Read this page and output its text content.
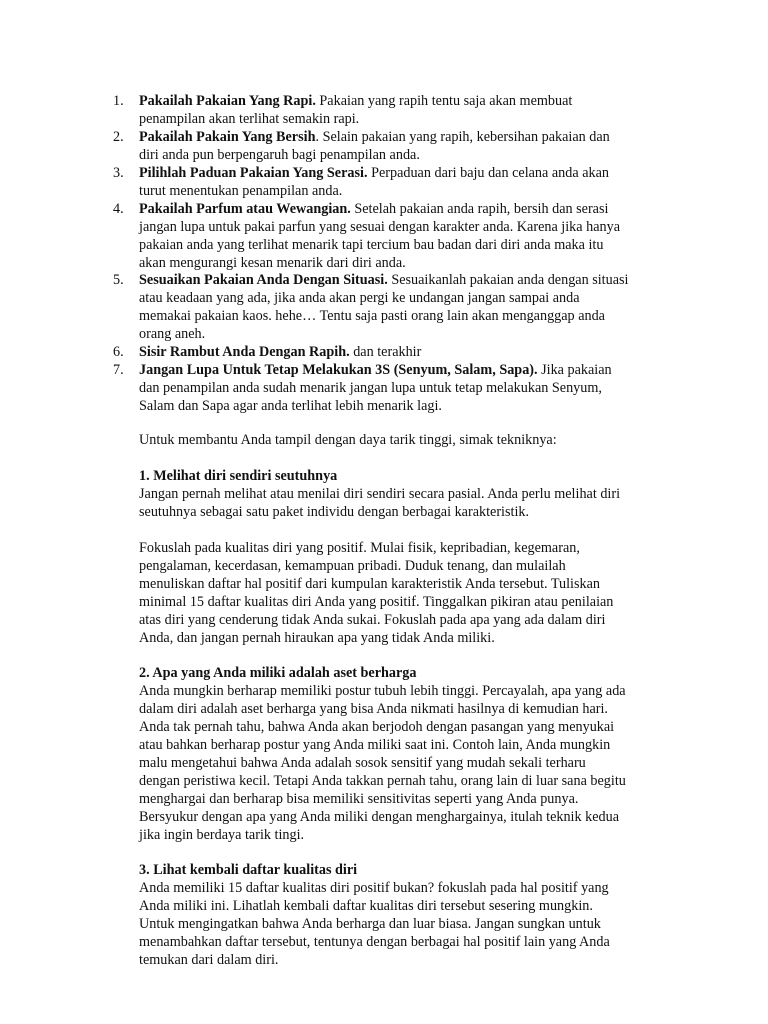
1. Pakailah Pakaian Yang Rapi. Pakaian yang rapih tentu saja akan membuat
penampilan akan terlihat semakin rapi.
2. Pakailah Pakain Yang Bersih. Selain pakaian yang rapih, kebersihan pakaian dan
diri anda pun berpengaruh bagi penampilan anda.
3. Pilihlah Paduan Pakaian Yang Serasi. Perpaduan dari baju dan celana anda akan
turut menentukan penampilan anda.
4. Pakailah Parfum atau Wewangian. Setelah pakaian anda rapih, bersih dan serasi
jangan lupa untuk pakai parfun yang sesuai dengan karakter anda. Karena jika hanya
pakaian anda yang terlihat menarik tapi tercium bau badan dari diri anda maka itu
akan mengurangi kesan menarik dari diri anda.
5. Sesuaikan Pakaian Anda Dengan Situasi. Sesuaikanlah pakaian anda dengan situasi
atau keadaan yang ada, jika anda akan pergi ke undangan jangan sampai anda
memakai pakaian kaos. hehe… Tentu saja pasti orang lain akan menganggap anda
orang aneh.
6. Sisir Rambut Anda Dengan Rapih. dan terakhir
7. Jangan Lupa Untuk Tetap Melakukan 3S (Senyum, Salam, Sapa). Jika pakaian
dan penampilan anda sudah menarik jangan lupa untuk tetap melakukan Senyum,
Salam dan Sapa agar anda terlihat lebih menarik lagi.
Untuk membantu Anda tampil dengan daya tarik tinggi, simak tekniknya:
1. Melihat diri sendiri seutuhnya
Jangan pernah melihat atau menilai diri sendiri secara pasial. Anda perlu melihat diri
seutuhnya sebagai satu paket individu dengan berbagai karakteristik.
Fokuslah pada kualitas diri yang positif. Mulai fisik, kepribadian, kegemaran,
pengalaman, kecerdasan, kemampuan pribadi. Duduk tenang, dan mulailah
menuliskan daftar hal positif dari kumpulan karakteristik Anda tersebut. Tuliskan
minimal 15 daftar kualitas diri Anda yang positif. Tinggalkan pikiran atau penilaian
atas diri yang cenderung tidak Anda sukai. Fokuslah pada apa yang ada dalam diri
Anda, dan jangan pernah hiraukan apa yang tidak Anda miliki.
2. Apa yang Anda miliki adalah aset berharga
Anda mungkin berharap memiliki postur tubuh lebih tinggi. Percayalah, apa yang ada
dalam diri adalah aset berharga yang bisa Anda nikmati hasilnya di kemudian hari.
Anda tak pernah tahu, bahwa Anda akan berjodoh dengan pasangan yang menyukai
atau bahkan berharap postur yang Anda miliki saat ini. Contoh lain, Anda mungkin
malu mengetahui bahwa Anda adalah sosok sensitif yang mudah sekali terharu
dengan peristiwa kecil. Tetapi Anda takkan pernah tahu, orang lain di luar sana begitu
menghargai dan berharap bisa memiliki sensitivitas seperti yang Anda punya.
Bersyukur dengan apa yang Anda miliki dengan menghargainya, itulah teknik kedua
jika ingin berdaya tarik tingi.
3. Lihat kembali daftar kualitas diri
Anda memiliki 15 daftar kualitas diri positif bukan? fokuslah pada hal positif yang
Anda miliki ini. Lihatlah kembali daftar kualitas diri tersebut sesering mungkin.
Untuk mengingatkan bahwa Anda berharga dan luar biasa. Jangan sungkan untuk
menambahkan daftar tersebut, tentunya dengan berbagai hal positif lain yang Anda
temukan dari dalam diri.
